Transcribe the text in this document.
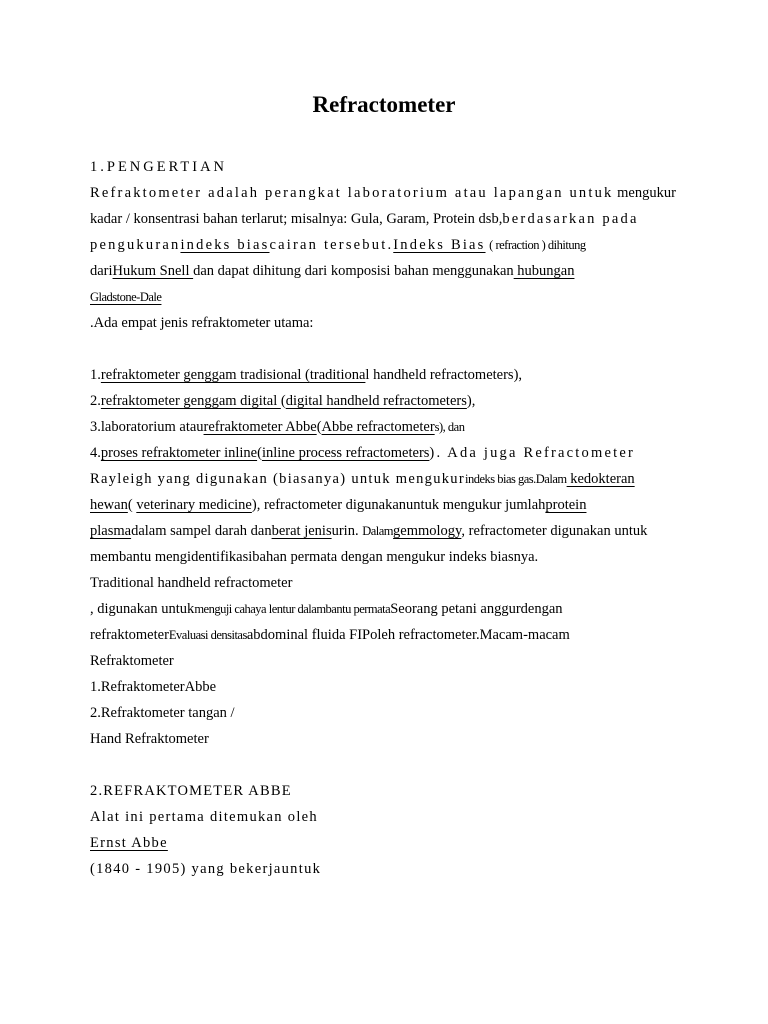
Refractometer
1.PENGERTIAN
Refraktometer adalah perangkat laboratorium atau lapangan untuk mengukur
kadar / konsentrasi bahan terlarut; misalnya: Gula, Garam, Protein dsb,berdasarkan pada
pengukuranindeks biascairan tersebut.Indeks Bias ( refraction ) dihitung
dariHukum Snell dan dapat dihitung dari komposisi bahan menggunakan hubungan
Gladstone-Dale
.Ada empat jenis refraktometer utama:
1.refraktometer genggam tradisional (traditional handheld refractometers),
2.refraktometer genggam digital (digital handheld refractometers),
3.laboratorium ataurefraktometer Abbe(Abbe refractometers), dan
4.proses refraktometer inline(inline process refractometers). Ada juga Refractometer
Rayleigh yang digunakan (biasanya) untuk mengukurindeks bias gas.Dalam kedokteran
hewan( veterinary medicine), refractometer digunakanuntuk mengukur jumlahprotein
plasmadalam sampel darah danberat jenisurin. Dalamgemmology, refractometer digunakan untuk
membantu mengidentifikasibahan permata dengan mengukur indeks biasnya.
Traditional handheld refractometer
, digunakan untukmenguji cahaya lentur dalambantu permataSeorang petani anggurdengan
refraktometerEvaluasi densitasabdominal fluida FIPoleh refractometer.Macam-macam
Refraktometer
1.RefraktometerAbbe
2.Refraktometer tangan /
Hand Refraktometer
2.REFRAKTOMETER ABBE
Alat ini pertama ditemukan oleh
Ernst Abbe
(1840 - 1905) yang bekerjauntuk
